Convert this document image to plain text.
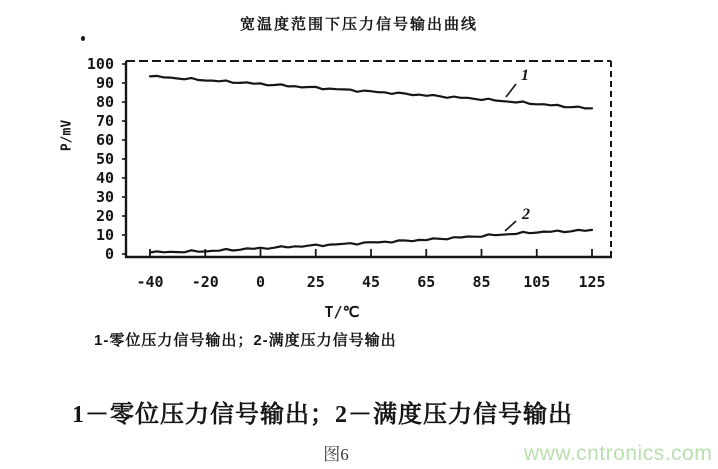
宽温度范围下压力信号输出曲线
P/mV
100
90
80
70
60
50
40
30
20
10
0
-40 -20 0	25 45 65 85 105 125
1
2
T/℃
1-零位压力信号输出；2-满度压力信号输出
1－零位压力信号输出；2－满度压力信号输出
图6	www.cntronics.com
